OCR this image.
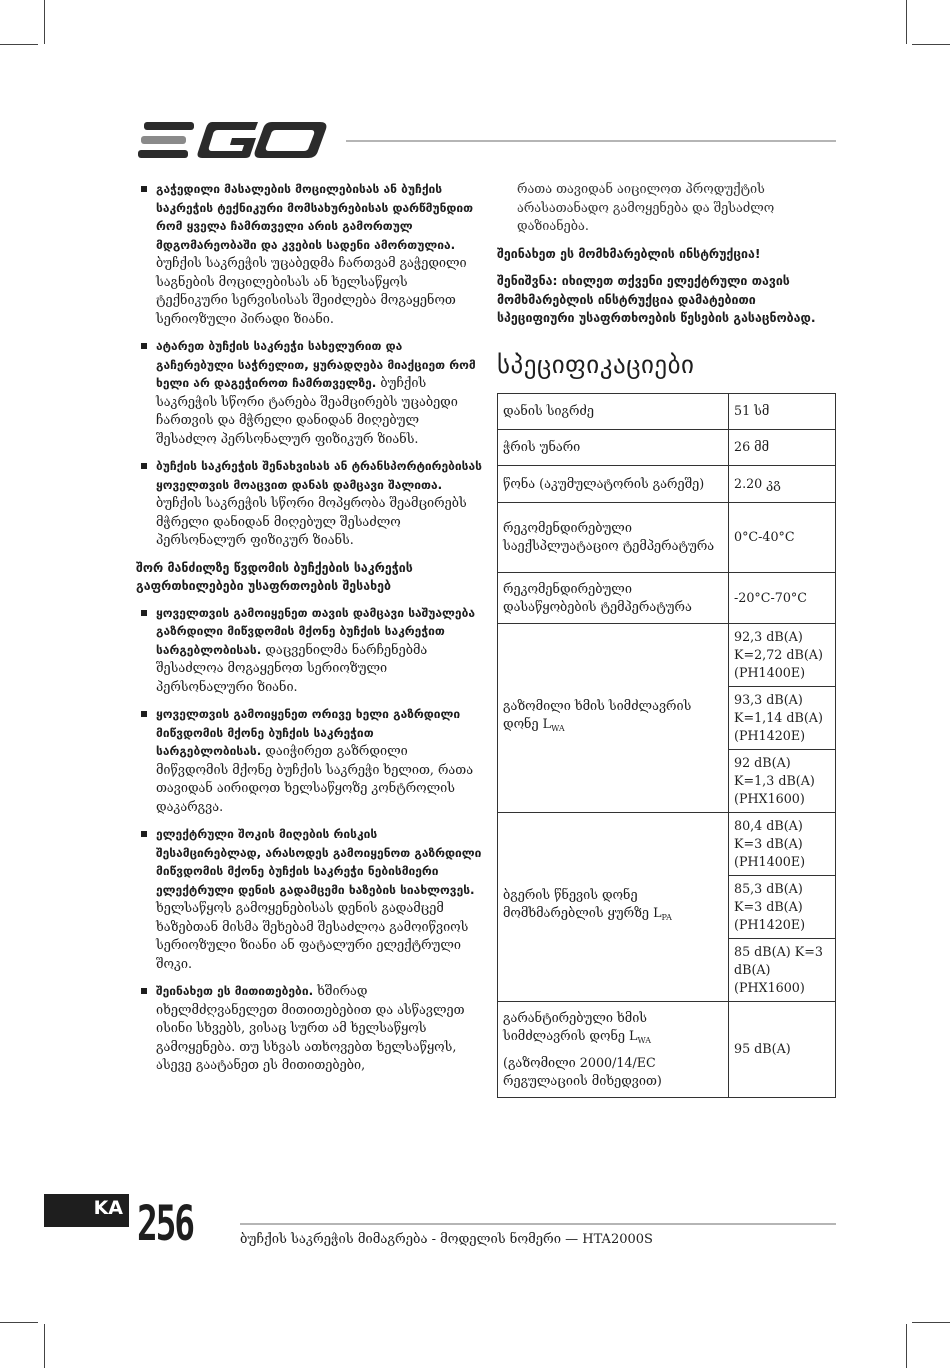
გაჭედილი მასალების მოცილებისას ან ბუჩქის საკრეჭის ტექნიკური მომსახურებისას დარწმუნდით რომ ყველა ჩამრთველი არის გამორთულ მდგომარეობაში და კვების სადენი ამორთულია. ბუჩქის საკრეჭის უცაბედმა ჩართვამ გაჭედილი საგნების მოცილებისას ან ხელსაწყოს ტექნიკური სერვისისას შეიძლება მოგაყენოთ სერიოზული პირადი ზიანი.
ატარეთ ბუჩქის საკრეჭი სახელურით და გაჩერებული საჭრელით, ყურადღება მიაქციეთ რომ ხელი არ დაგეჭიროთ ჩამრთველზე. ბუჩქის საკრეჭის სწორი ტარება შეამცირებს უცაბედი ჩართვის და მჭრელი დანიდან მიღებულ შესაძლო პერსონალურ ფიზიკურ ზიანს.
ბუჩქის საკრეჭის შენახვისას ან ტრანსპორტირებისას ყოველთვის მოაცვით დანას დამცავი შალითა. ბუჩქის საკრეჭის სწორი მოპყრობა შეამცირებს მჭრელი დანიდან მიღებულ შესაძლო პერსონალურ ფიზიკურ ზიანს.
შორ მანძილზე წვდომის ბუჩქების საკრეჭის გაფრთხილებები უსაფრთოების შესახებ
ყოველთვის გამოიყენეთ თავის დამცავი საშუალება გაზრდილი მიწვდომის მქონე ბუჩქის საკრეჭით სარგებლობისას. დაცვენილმა ნარჩენებმა შესაძლოა მოგაყენოთ სერიოზული პერსონალური ზიანი.
ყოველთვის გამოიყენეთ ორივე ხელი გაზრდილი მიწვდომის მქონე ბუჩქის საკრეჭით სარგებლობისას. დაიჭირეთ გაზრდილი მიწვდომის მქონე ბუჩქის საკრეჭი ხელით, რათა თავიდან აირიდოთ ხელსაწყოზე კონტროლის დაკარგვა.
ელექტრული შოკის მიღების რისკის შესამცირებლად, არასოდეს გამოიყენოთ გაზრდილი მიწვდომის მქონე ბუჩქის საკრეჭი ნებისმიერი ელექტრული დენის გადამცემი ხაზების სიახლოვეს. ხელსაწყოს გამოყენებისას დენის გადამცემ ხაზებთან მისმა შეხებამ შესაძლოა გამოიწვიოს სერიოზული ზიანი ან ფატალური ელექტრული შოკი.
შეინახეთ ეს მითითებები. ხშირად იხელმძღვანელეთ მითითებებით და ასწავლეთ ისინი სხვებს, ვისაც სურთ ამ ხელსაწყოს გამოყენება. თუ სხვას ათხოვებთ ხელსაწყოს, ასევე გაატანეთ ეს მითითებები,

რათა თავიდან აიცილოთ პროდუქტის არასათანადო გამოყენება და შესაძლო დაზიანება.

შეინახეთ ეს მომხმარებლის ინსტრუქცია!

შენიშვნა: იხილეთ თქვენი ელექტრული თავის მომხმარებლის ინსტრუქცია დამატებითი სპეციფიური უსაფრთხოების წესების გასაცნობად.

სპეციფიკაციები
დანის სიგრძე	51 სმ
ჭრის უნარი	26 მმ
წონა (აკუმულატორის გარეშე)	2.20 კგ
რეკომენდირებული საექსპლუატაციო ტემპერატურა	0°C-40°C
რეკომენდირებული დასაწყობების ტემპერატურა	-20°C-70°C
გაზომილი ხმის სიმძლავრის დონე $L_{WA}$	92,3 dB(A) K=2,72 dB(A) (PH1400E)
	93,3 dB(A) K=1,14 dB(A) (PH1420E)
	92 dB(A) K=1,3 dB(A) (PHX1600)
ბგერის წნევის დონე მომხმარებლის ყურზე $L_{PA}$	80,4 dB(A) K=3 dB(A) (PH1400E)
	85,3 dB(A) K=3 dB(A) (PH1420E)
	85 dB(A) K=3 dB(A) (PHX1600)

გარანტირებული ხმის სიმძლავრის დონე $L_{WA}$
(გაზომილი 2000/14/EC რეგულაციის მიხედვით)	95 dB(A)
KA 256	ბუჩქის საკრეჭის მიმაგრება - მოდელის ნომერი — HTA2000S
